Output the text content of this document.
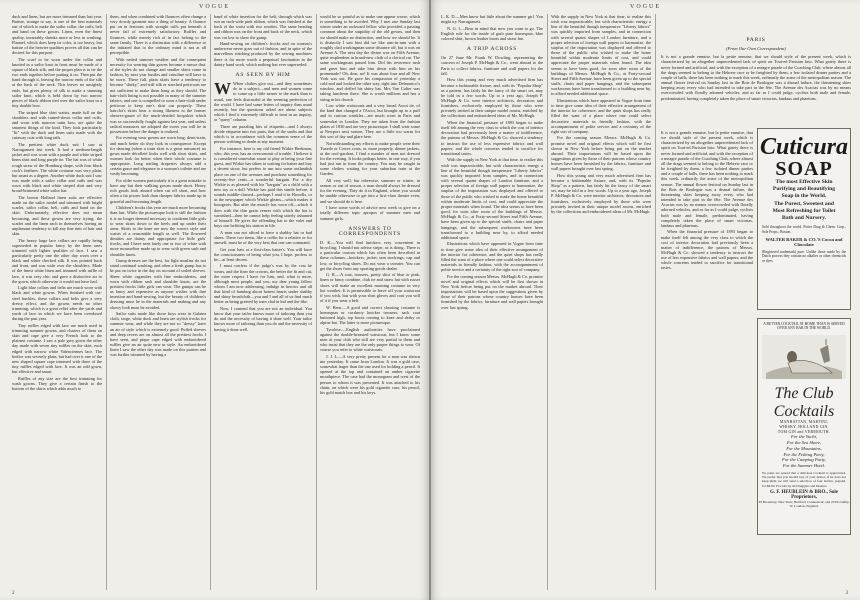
VOGUE

duck and linen, but are more trimmed than last year. Batiste, strange to say, is one of the best materials out of which to make the sailor collar, the cuffs, belt and band on these gowns. Linen, even the finest quality, invariably shrinks more or less in washing. Flannel, which does keep its color, is too heavy, but batiste of the heavier qualities proves all that can be desired for this purpose.

The scarf to be worn under the collar and knotted in a sailor knot in front must be made of a square of black silk, and the proper plan is to tie the two ends together before putting it on. Then put the band through it, leaving the narrow ends of the silk at the back of the neck. This leaves no unsightly ends, but gives plenty of silk to make a stunning sailor knot, which is held down by two narrow pieces of black ribbon tied over the sailor knot in a tiny double bow.

The striped blue shirt waists, made full on the shoulders and with turned-down collar and cuffs, and worn with maroon satin bow, are quite the smartest things of the kind. They look particularly "fit" with the duck and linen suits made with the cutaway coat with long tails.

The prettiest white duck suit I saw at Narragansett last week. It had a medium-length jacket and was worn with a purple and white striped linen shirt and long purple tie. The hat was of white rough straw of the Homburg shape, with four black cock's feathers. The white costume was very plain, but smart as a degree. Another white duck suit I saw was made with a sailor collar and cuffs and was worn with black and white striped shirt and very broad-brimmed white sailor hat.

The brown Holland linen suits are effective made on the sailor model and trimmed with bright scarlet, sailor collar, belt, cuffs and band on the skirt. Unfortunately, effective does not mean becoming, and these gowns are very trying; the scarlet and the linen each in themselves having an unpleasant tendency to kill any fine tints of hair and skin.

The heavy large lace collars are rapidly being superseded in popular fancy by the linen ones trimmed with lighter qualities of lace. I saw a particularly pretty one the other day worn over a black and white checked silk. It was pointed back and front, and was wide over the shoulders. Made of the finest white linen and trimmed with ruffle of lace, it was very chic and gave a distinctive air to the gown, which otherwise it would not have had.

Light blue collars and belts are much worn with black and white gowns. When finished with cut-steel buckles, these collars and belts give a very dressy effect, and the gowns needs no other trimming, which is a great relief after the yards and yards of lace in which we have been overdosed during the past year.

Tiny ruffles edged with lace are much used in trimming summer gowns, and clusters of them on skirt and cape give a very French look to the plainest costume. I saw a pale grey gown the other day made with seven tiny ruffles on the skirt, each edged with narrow white Valenciennes lace. The bodice was severely plain, but had over it one of the new shaped square cape trimmed with three of the tiny ruffles edged with lace. It was an odd gown, but effective and smart.

Ruffles of any size are the best trimming for wash gowns. They give a certain finish to the bottom of the skirts which adds much to

them, and when combined with flounces often change a very dowdy garment into a thing of beauty. A flounce put on in festoons with straight ruffs put beneath it never fail of extremely satisfactory. Ruffles and flounces, while merely rich of in fact belong to the same family. There is a distinction with a difference to the initiated that to the ordinary mind is not at all perceptible.

With netted summer weather and the consequent necessity for wearing thin gowns became a rumor that, of the styles do not change and smaller skirts come in fashion, by next year bustles and crinoline will have to be worn. These full, plain skirts have a tendency to become "slinky," and stiff silk or starched petticoats are not sufficient to make them hang as they should. The hair-cloth lining is not possible in many of the summer fabrics, and one is compelled to wear a hair-cloth under petticoat to keep one's skirt out properly. These hairclot's skirts bear a strong likeness to the former sheaves-gauze of the much-derided hoopskirt which was so successfully fought against last year, and unless radical measures are adopted the sweet you will be in possession before the danger is realized.

For evening wear gowns are worn long, demi-train, and much better do they look in consequence. Except for dancing (when a train skirt is a great nuisance) no gown made décolleté looks well with short skirts, and women look far better when their whole costume is appropriate. Long trailing draperies always add a certain grace and elegance to a woman's toilette and are vastly becoming.

For older women particularly it is a great mistake to have any but their walking gowns made short. Heavy rich goods look absurd when cut off short, and how often a far poorer look than cheaper fabrics made up in graceful and becoming length.

Children's frocks this year are much more becoming than last. While the picturesque look is still the fashion it is no longer deemed necessary to condemn little girls to wear skirts down to the heels and up under their arms. Skirts to the knee are now the correct style and waists of a reasonable length as well. The flowered dimities are dainty and appropriate for little girls' frocks, and I have seen lately one or two of white with more mousseline made up to wear with green sash and shoulder knots.

Gump dresses are the best, for light muslins do not stand continual washing, and often a fresh gump has to be put on twice in the day on account of soiled sleeves. Sheer white organdies with fine embroideries, and worn with ribbon sash and shoulder knots, are the prettiest frocks little girls can wear. The gumps can be as fancy and expensive as anyone wishes with fine insertion and hand-sewing, but the beauty of children's dressing must lie in the materials and making and any showy look must be avoided.

Sailor suits made like those boys wear in Galatea cloth, serge, white duck and linen are stylish frocks for summer wear, and while they are not so "dressy" have an air of style which is extremely good. Puffed sleeves and deep revers are on almost all the prettiest frocks I have seen, and pique cape edged with embroidered ruffles give an air quite new in style. An embroidered linen I saw the other day was made on this pattern and was further trimmed by having a

band of white insertion for the belt, through which was run an inch-wide pink ribbon, which was finished at the back of the waist with two rosettes. The same beading and ribbon was on the front and back of the neck, which was cut low to show the gump.

Hand-sewing on children's frocks and on women's underwear never goes out of fashion, and in spite of the marvellous stitching produced by the sewing machines there is far more worth a perpetual fascination in the dainty hand work, which nothing has ever superseded.

AS SEEN BY HIM

W When clothes give out—and they sometimes do in a subject—and men and women come to come up a little nearer to the mark than is usual, one feels distrustful at the seeming perfection of the world. I have had some letters of inquiry than usual recently, but the questions asked are about subjects which I find it extremely difficult to treat in an inquiry, or "query" column.

There are puzzling bits of etiquette—and I always divide etiquette into two parts, that of the snobs and that which is in accordance with the common sense of the person writhing in doubt at any moment.

For instance, here is my old friend Wirkie Beekman, who, this year, has an overcommit of trouble. I believe it is considered somewhat smart to play at being your fine guest, and Wirkie has taken to waiting for hatter and buy a decent straw, but prefers to run into some outlandish place on one of the avenues and purchase something for seventy-five cents—a wonderful bargain. For a dry Wirkie is as pleased with his "bargain" as a child with a new toy or a doll. Wirkie has paid this simile before, it sounds middle-classed—perhaps I read it in Howells, or in the newspaper which Wirkie gleans—which makes it bourgeois. But after the muscle has worn off—which it does with the thin grain veneer with which the hat is varnished—then he cannot help feeling utterly ashamed of himself. He gives the offending hat to the valet and buys one befitting his station in life.

A man can not afford to have a shabby hat or bad shoes. These two items, like a coffin for a relative or for oneself, must be of the very best that one can command.

Get your hats at a first-class hatter's. You will have the consciousness of being what you, I hope, profess to be—at least decent.

I must confess if the judge's was by the cost he wears, and the finer the crowns, the better the fit and cut, the more respect I have for him, and, what is more, although most people, and you, my dear young fellow whom I am now addressing, indulge in heroics and all that kind of humbug about honest hearts under shabby and shiny broadcloth—you and I and all of us find much better as being greeted by men clad in kid and the like.

Now, I contend that you are not an individual. You know that your tailor knows more of tailoring than you do and the necessity of having it done well. Your tailor knows more of tailoring than you do and the necessity of having it done well.

would be so painful as to make one appear worse, which is something to be avoided. Why, I met one Sunday last winter under an awkward fellow who provided a passing cornmon about the stupidity of the old gowns, and then we should make no distinction, and how we should be. It is distinctly I saw him did we like arm-in-arm with a roughly clad workingman some distance off, but it was on Avenue A. The next day the divine was on Fifth Avenue, quite resplendent in brand-new cloth of a clerical cut. The same workingman passed him. Did his reverence rush and greet him and take him down with him on his promenade? Oh, dear, no! It was about four and all New York was out. He gave his compassion of yesterday a cold nod and looked the other way, right into Delmonico's window, and doffed his shiny hat. Mrs Van Culter was taking luncheon there. She is worth millions and has a string in his church.

Low white waistcoats and a very broad Ascot tie, of the kind that changed a l'Ascot, but brought up to a puff and in curious wrinkles—are much worn in Paris and somewhat in London. They are taken from the fashion plates of 1830 and are very picturesque. I shall wear some at Newport next season. They are a little too warm for this sort of day and glare here.

Notwithstanding my efforts to make people wear their Tuxedo or Cowes coats, or, more properly, dinner jackets, at the roof-gardens, I find a number of men not dressed for the evening. It looks perhaps better, in one way, if you had just run in from the country. You may be caught in some clothes waiting for your suburban train at the Garden.

All very well, but otherwise, summer or winter, in season or out of season, a man should always be dressed for the evening. They do it in England, where you would be unable otherwise to get into a first-class theatre even, and we should do it here.

I have some words of advice next week to give on a totally different topic apropos of summer men and summer girls.

ANSWERS TO CORRESPONDENTS

D. K.—You will find knickers very convenient in bicycling; I should not advise stripe, as is doing. There is a particular custom which has often been described in these columns—knickers, jacket, tam stockings, cap and low, or bicycling shoes. Do not wear a sweater. You can get the shoes from any sporting goods dealer.

G. R.—A coat, trousers, pretty shirt of blue or pink, linen or fancy combine, club tie and straw hat with russet shoes will make an excellent morning costume in very hot weather. It is permissible to leave off your waistcoat if you wish, but with your shirt gloves and coat you will of it if you wear a belt.

W. Bern.—A good and correct shooting costume is homespun or corduroy knicker trousers, sack coat buttoned high, top boots coming to knee and derby or alpine hat. The latter is more picturesque.

Tyrolese.—English authorities have proclaimed against the double-breasted waistcoat, but I know some men at your club who still are very partial to them and who insist that they are the only proper things to wear. Of course you refer to white waistcoats.

J. J. L.—A very pretty present for a man was shown me yesterday. It came from London. It was a gold case, somewhat larger than the one used for holding a pencil. It opened at the top and contained an amber cigarette mouthpiece. The case had the monogram and crest of the person to whom it was presented. It was attached to his chain, on which were his gold cigarette case, his pencil, his gold match box and his keys.

2
VOGUE

L. K. D.—Men know but little about the summer girl. You might try Narragansett.

N. G. I.—Bear in mind that now you want to go. The English rule for the inside of garb pure homespun, blue colored shirt, brown leather boots and straw hat.

A TRIP ACROSS

On 27 June Mr. Frank W. Dowling, representing the concern of Joseph P. McHugh & Co., went abroad to the Paris to collect fabrics, furniture and wall papers for the fall.

How this young and very much advertised firm has become a fashionable fixture, and, with its "Popular Shop" as a pattern, has fairly hit the fancy of the smart set, may be told in a few words. Up to a year ago, Joseph P. McHugh & Co. were interior architects, decorators and furnishers, exclusively employed by those who were privately invited in their unique model rooms, enriched by the collections and embroidered ideas of Mr. McHugh.

When the financial pressure of 1893 began to make itself felt among the very class to which the cost of interior decoration had previously been a matter of indifference, the patrons of Messrs. McHugh & Co. showed a tendency to instruct the use of less expensive fabrics and wall papers; and the whole concerns tended to sacrifice for transitional tastes.

With the supply in New York at that time, to realize this wish was impracticable, but with characteristic energy a line of the beautiful though inexpensive "Liberty fabrics" was quickly imported from samples, and in connection with several quaint shapes of London furniture, and a proper selection of foreign wall papers to harmonize, the surplus of the importation was displayed and offered to those of the public who wished to make the home beautiful within moderate limits of cost, and could appreciate the proper materials when found. The idea seems to have been good, for soon after room of the buildings of Messrs. McHugh & Co., at Forty-second Street and Fifth Avenue, have been given up to the special stuffs, chairs and paper hangings, and the subsequent workrooms have been transformed to a building near by, to afford needed additional space.

Illustrations which have appeared in Vogue from time to time give some idea of their effective arrangement of the interior for coherence, and the quiet shops has really filled the want of a place where one could select decorative materials in friendly fashion, with the accompaniment of polite service and a certainty of the right sort of company.

For the coming season Messrs. McHugh & Co. promise novel and original effects which will be first shown in New York before being put on the market abroad. Their importations will be based upon the suggestions given by those of their patrons whose country houses have been furnished by the fabrics, furniture and wall papers brought over last spring.

With the supply in New York at that time, to realize this wish was impracticable, but with characteristic energy a line of the beautiful though inexpensive "Liberty fabrics" was quickly imported from samples, and in connection with several quaint shapes of London furniture, and a proper selection of foreign wall papers to harmonize, the surplus of the importation was displayed and offered to those of the public who wished to make the home beautiful within moderate limits of cost, and could appreciate the proper materials when found. The idea seems to have been good, for soon after room of the buildings of Messrs. McHugh & Co., at Forty-second Street and Fifth Avenue, have been given up to the special stuffs, chairs and paper hangings, and the subsequent workrooms have been transformed to a building near by, to afford needed additional space.

Illustrations which have appeared in Vogue from time to time give some idea of their effective arrangement of the interior for coherence, and the quiet shops has really filled the want of a place where one could select decorative materials in friendly fashion, with the accompaniment of polite service and a certainty of the right sort of company.

For the coming season Messrs. McHugh & Co. promise novel and original effects which will be first shown in New York before being put on the market abroad. Their importations will be based upon the suggestions given by those of their patrons whose country houses have been furnished by the fabrics, furniture and wall papers brought over last spring.

How this young and very much advertised firm has become a fashionable fixture, and, with its "Popular Shop" as a pattern, has fairly hit the fancy of the smart set, may be told in a few words. Up to a year ago, Joseph P. McHugh & Co. were interior architects, decorators and furnishers, exclusively employed by those who were privately invited in their unique model rooms, enriched by the collections and embroidered ideas of Mr. McHugh.

PARIS
(From Our Own Correspondent)

It is not a grande ennuise, but la petite ennuise, that we should style of the present week, which is characterized by an altogether unprecedented lack of spirit on Tout-ed Parisian brio. What gaiety there is never formed and artificial, and with the exception of a meagre parade of the Coaching Club, where almost all the drags seemed to belong to the Hebrew race or be freighted by them, a few isolated dinner parties and a couple of balls, there has been nothing to mark this week, ordinarily the acme of the metropolitan season. The annual flower festival on Sunday last in the Bois de Boulogne was a dismal failure, the threatening skies keeping away every who had intended to take part in the fête. The Avenue des Acacias was by no means overcrowded with florally adorned vehicles, and as far as I could judge, cyclists both male and female, predominated, having completely taken the place of smart victorias, landaus and phaetons.

It is not a grande ennuise, but la petite ennuise, that we should style of the present week, which is characterized by an altogether unprecedented lack of spirit on Tout-ed Parisian brio. What gaiety there is never formed and artificial, and with the exception of a meagre parade of the Coaching Club, where almost all the drags seemed to belong to the Hebrew race or be freighted by them, a few isolated dinner parties and a couple of balls, there has been nothing to mark this week, ordinarily the acme of the metropolitan season. The annual flower festival on Sunday last in the Bois de Boulogne was a dismal failure, the threatening skies keeping away every who had intended to take part in the fête. The Avenue des Acacias was by no means overcrowded with florally adorned vehicles, and as far as I could judge, cyclists both male and female, predominated, having completely taken the place of smart victorias, landaus and phaetons.

When the financial pressure of 1893 began to make itself felt among the very class to which the cost of interior decoration had previously been a matter of indifference, the patrons of Messrs. McHugh & Co. showed a tendency to instruct the use of less expensive fabrics and wall papers; and the whole concerns tended to sacrifice for transitional tastes.

Cuticura
SOAP
The most Effective Skin
Purifying and Beautifying
Soap in the World.
The Purest, Sweetest and
Most Refreshing for Toilet
Bath and Nursery.
Sold throughout the world. Potter Drug & Chem. Corp., Sole Props., Boston.
WALTER BAKER & CO.'S Cocoa and Chocolate
(Registered trademark) pure. Unlike those made by the Dutch process they contain no alkalies or other chemicals or dyes.
A BETTER COCKTAIL AT HOME THAN IS SERVED OVER ANY BAR IN THE WORLD.
The Club
Cocktails
MANHATTAN, MARTINI,
WHISKY, HOLLAND GIN,
TOM GIN and VERMOUTH.
For the Yacht,
For the Sea Shore,
For the Mountains,
For the Fishing Party,
For the Camping Party,
For the Summer Hotel.
No pains are spared that a delicious Cocktail is appreciated. We prefer that you should buy of your dealer; if he does not keep them we will send a selection of four bottles, prepaid, for $6.00. For sale by all Druggists and Dealers.
G. F. HEUBLEIN & BRO., Sole Proprietors,
39 Broadway, New York; Hartford, Connecticut; and 20 Piccadilly, W. London, England.
3
